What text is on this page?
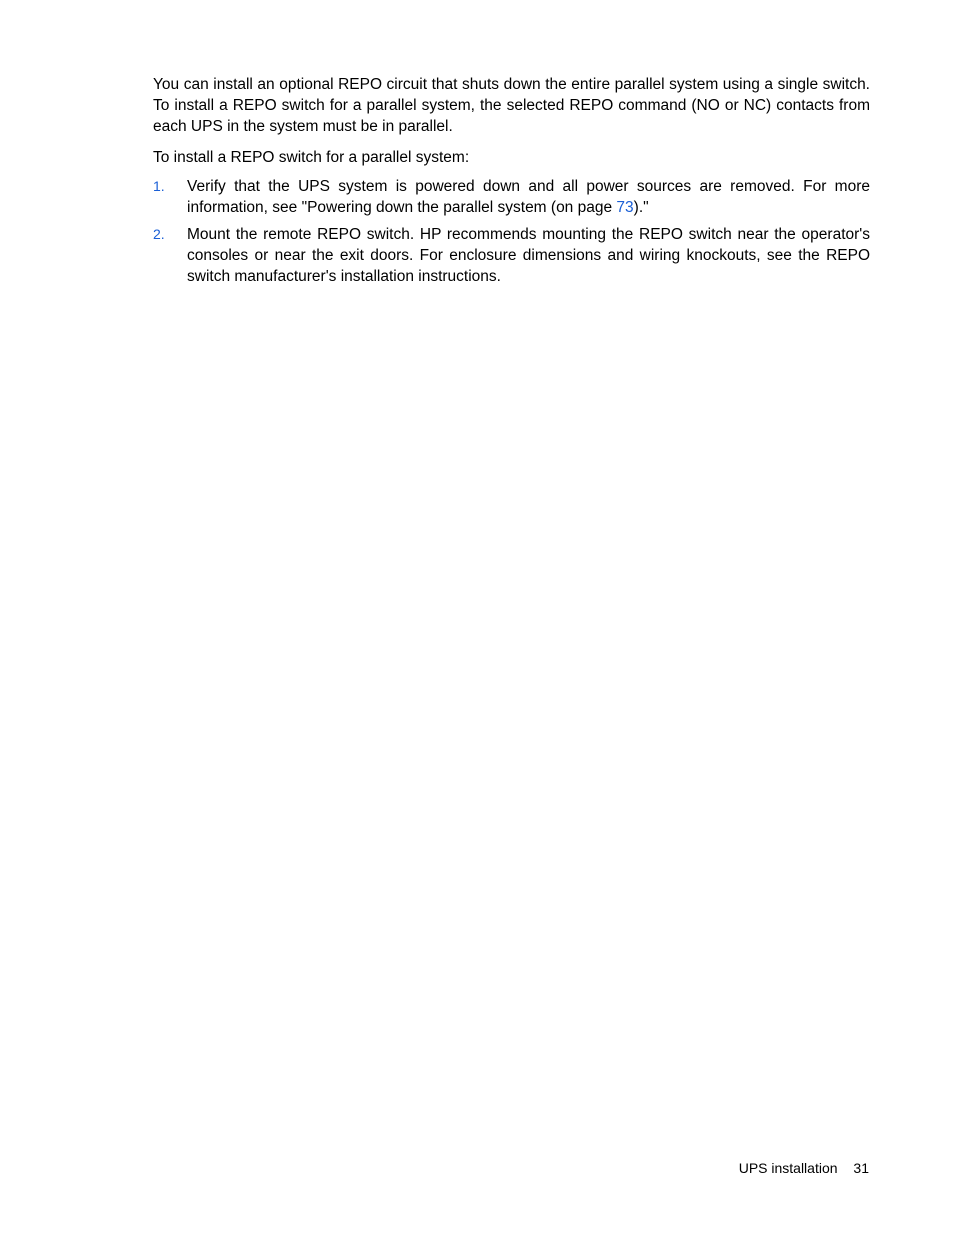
You can install an optional REPO circuit that shuts down the entire parallel system using a single switch. To install a REPO switch for a parallel system, the selected REPO command (NO or NC) contacts from each UPS in the system must be in parallel.

To install a REPO switch for a parallel system:

1. Verify that the UPS system is powered down and all power sources are removed. For more information, see "Powering down the parallel system (on page 73)."
2. Mount the remote REPO switch. HP recommends mounting the REPO switch near the operator's consoles or near the exit doors. For enclosure dimensions and wiring knockouts, see the REPO switch manufacturer's installation instructions.
UPS installation 31
